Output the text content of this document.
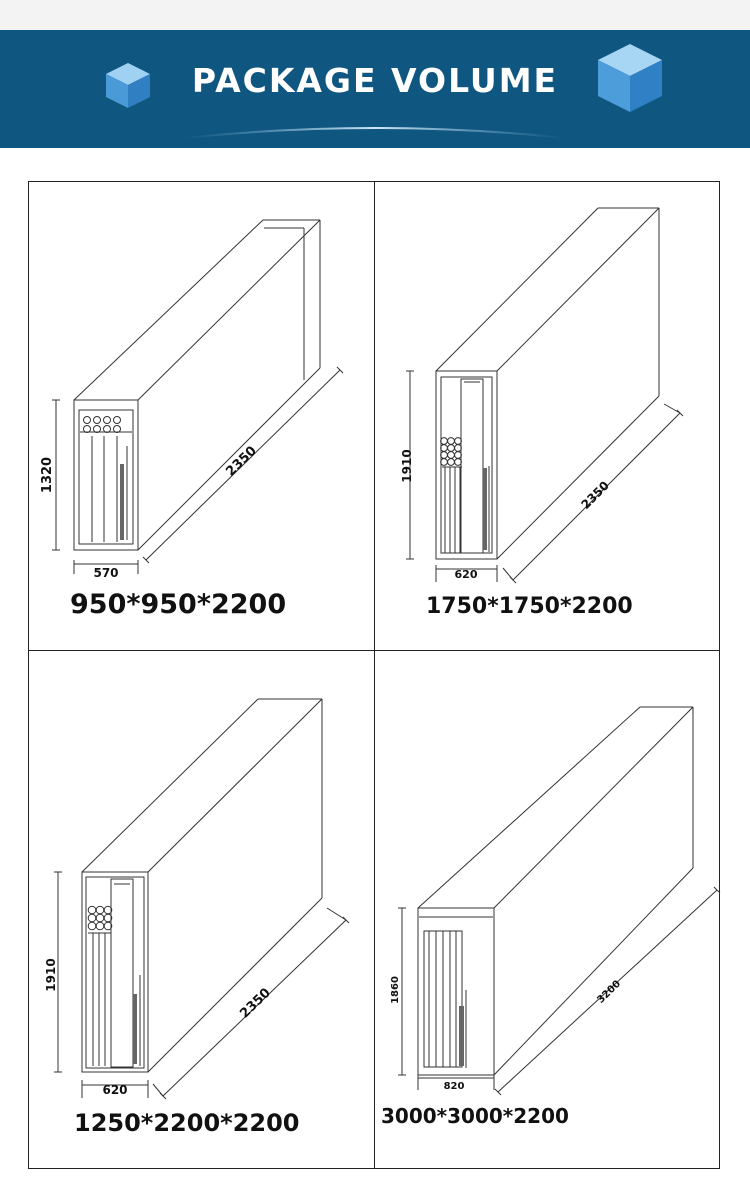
PACKAGE VOLUME
1320
570
2350	1910
620
2350
1910
620
2350	1860
820
3200
950*950*2200	1750*1750*2200
1250*2200*2200	3000*3000*2200
